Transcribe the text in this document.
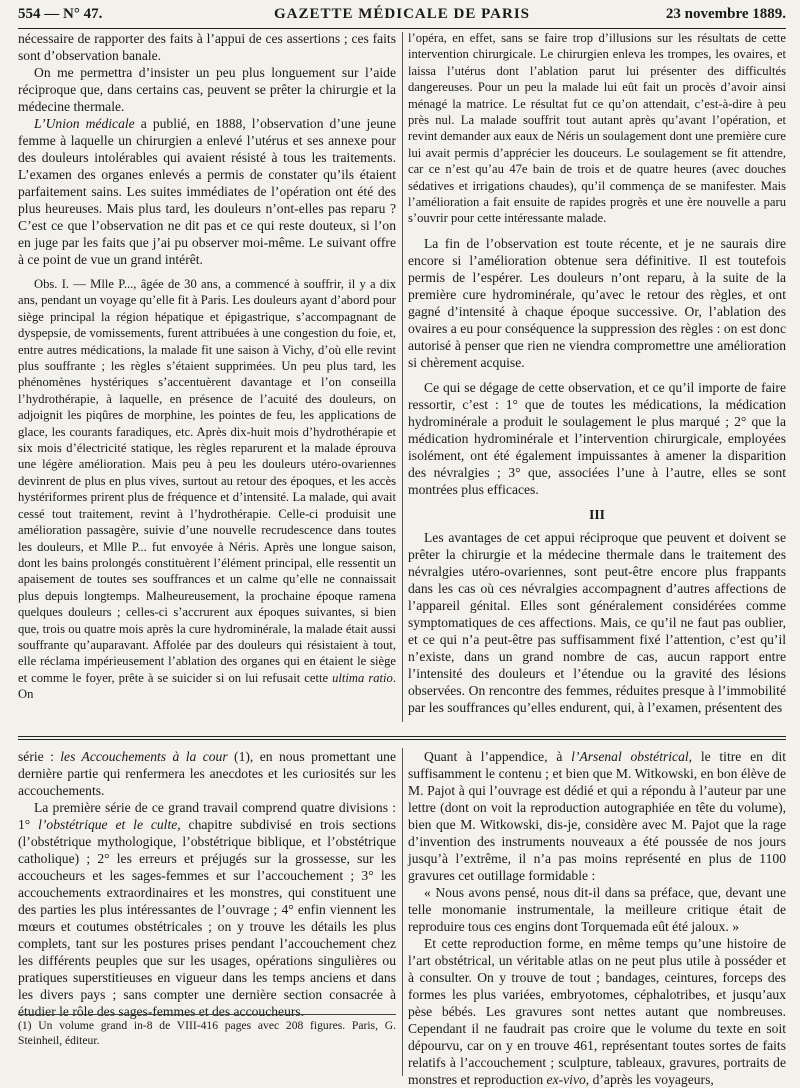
554 — N° 47.	GAZETTE MÉDICALE DE PARIS	23 novembre 1889.

nécessaire de rapporter des faits à l’appui de ces assertions ; ces faits sont d’observation banale.

On me permettra d’insister un peu plus longuement sur l’aide réciproque que, dans certains cas, peuvent se prêter la chirurgie et la médecine thermale.

L’Union médicale a publié, en 1888, l’observation d’une jeune femme à laquelle un chirurgien a enlevé l’utérus et ses annexe pour des douleurs intolérables qui avaient résisté à tous les traitements. L’examen des organes enlevés a permis de constater qu’ils étaient parfaitement sains. Les suites immédiates de l’opération ont été des plus heureuses. Mais plus tard, les douleurs n’ont-elles pas reparu ? C’est ce que l’observation ne dit pas et ce qui reste douteux, si l’on en juge par les faits que j’ai pu observer moi-même. Le suivant offre à ce point de vue un grand intérêt.

Obs. I. — Mlle P..., âgée de 30 ans, a commencé à souffrir, il y a dix ans, pendant un voyage qu’elle fit à Paris. Les douleurs ayant d’abord pour siège principal la région hépatique et épigastrique, s’accompagnant de dyspepsie, de vomissements, furent attribuées à une congestion du foie, et, entre autres médications, la malade fit une saison à Vichy, d’où elle revint plus souffrante ; les règles s’étaient supprimées. Un peu plus tard, les phénomènes hystériques s’accentuèrent davantage et l’on conseilla l’hydrothérapie, à laquelle, en présence de l’acuité des douleurs, on adjoignit les piqûres de morphine, les pointes de feu, les applications de glace, les courants faradiques, etc. Après dix-huit mois d’hydrothérapie et six mois d’électricité statique, les règles reparurent et la malade éprouva une légère amélioration. Mais peu à peu les douleurs utéro-ovariennes devinrent de plus en plus vives, surtout au retour des époques, et les accès hystériformes prirent plus de fréquence et d’intensité. La malade, qui avait cessé tout traitement, revint à l’hydrothérapie. Celle-ci produisit une amélioration passagère, suivie d’une nouvelle recrudescence dans toutes les douleurs, et Mlle P... fut envoyée à Néris. Après une longue saison, dont les bains prolongés constituèrent l’élément principal, elle ressentit un apaisement de toutes ses souffrances et un calme qu’elle ne connaissait plus depuis longtemps. Malheureusement, la prochaine époque ramena quelques douleurs ; celles-ci s’accrurent aux époques suivantes, si bien que, trois ou quatre mois après la cure hydrominérale, la malade était aussi souffrante qu’auparavant. Affolée par des douleurs qui résistaient à tout, elle réclama impérieusement l’ablation des organes qui en étaient le siège et comme le foyer, prête à se suicider si on lui refusait cette ultima ratio. On

l’opéra, en effet, sans se faire trop d’illusions sur les résultats de cette intervention chirurgicale. Le chirurgien enleva les trompes, les ovaires, et laissa l’utérus dont l’ablation parut lui présenter des difficultés dangereuses. Pour un peu la malade lui eût fait un procès d’avoir ainsi ménagé la matrice. Le résultat fut ce qu’on attendait, c’est-à-dire à peu près nul. La malade souffrit tout autant après qu’avant l’opération, et revint demander aux eaux de Néris un soulagement dont une première cure lui avait permis d’apprécier les douceurs. Le soulagement se fit attendre, car ce n’est qu’au 47e bain de trois et de quatre heures (avec douches sédatives et irrigations chaudes), qu’il commença de se manifester. Mais l’amélioration a fait ensuite de rapides progrès et une ère nouvelle a paru s’ouvrir pour cette intéressante malade.

La fin de l’observation est toute récente, et je ne saurais dire encore si l’amélioration obtenue sera définitive. Il est toutefois permis de l’espérer. Les douleurs n’ont reparu, à la suite de la première cure hydrominérale, qu’avec le retour des règles, et ont gagné d’intensité à chaque époque successive. Or, l’ablation des ovaires a eu pour conséquence la suppression des règles : on est donc autorisé à penser que rien ne viendra compromettre une amélioration si chèrement acquise.

Ce qui se dégage de cette observation, et ce qu’il importe de faire ressortir, c’est : 1° que de toutes les médications, la médication hydrominérale a produit le soulagement le plus marqué ; 2° que la médication hydrominérale et l’intervention chirurgicale, employées isolément, ont été également impuissantes à amener la disparition des névralgies ; 3° que, associées l’une à l’autre, elles se sont montrées plus efficaces.

III

Les avantages de cet appui réciproque que peuvent et doivent se prêter la chirurgie et la médecine thermale dans le traitement des névralgies utéro-ovariennes, sont peut-être encore plus frappants dans les cas où ces névralgies accompagnent d’autres affections de l’appareil génital. Elles sont généralement considérées comme symptomatiques de ces affections. Mais, ce qu’il ne faut pas oublier, et ce qui n’a peut-être pas suffisamment fixé l’attention, c’est qu’il n’existe, dans un grand nombre de cas, aucun rapport entre l’intensité des douleurs et l’étendue ou la gravité des lésions observées. On rencontre des femmes, réduites presque à l’immobilité par les souffrances qu’elles endurent, qui, à l’examen, présentent des

série : les Accouchements à la cour (1), en nous promettant une dernière partie qui renfermera les anecdotes et les curiosités sur les accouchements.

La première série de ce grand travail comprend quatre divisions : 1° l’obstétrique et le culte, chapitre subdivisé en trois sections (l’obstétrique mythologique, l’obstétrique biblique, et l’obstétrique catholique) ; 2° les erreurs et préjugés sur la grossesse, sur les accoucheurs et les sages-femmes et sur l’accouchement ; 3° les accouchements extraordinaires et les monstres, qui constituent une des parties les plus intéressantes de l’ouvrage ; 4° enfin viennent les mœurs et coutumes obstétricales ; on y trouve les détails les plus complets, tant sur les postures prises pendant l’accouchement chez les différents peuples que sur les usages, opérations singulières ou pratiques superstitieuses en vigueur dans les temps anciens et dans les divers pays ; sans compter une dernière section consacrée à étudier le rôle des sages-femmes et des accoucheurs.

(1) Un volume grand in-8 de VIII-416 pages avec 208 figures. Paris, G. Steinheil, éditeur.

Quant à l’appendice, à l’Arsenal obstétrical, le titre en dit suffisamment le contenu ; et bien que M. Witkowski, en bon élève de M. Pajot à qui l’ouvrage est dédié et qui a répondu à l’auteur par une lettre (dont on voit la reproduction autographiée en tête du volume), bien que M. Witkowski, dis-je, considère avec M. Pajot que la rage d’invention des instruments nouveaux a été poussée de nos jours jusqu’à l’extrême, il n’a pas moins représenté en plus de 1100 gravures cet outillage formidable :

« Nous avons pensé, nous dit-il dans sa préface, que, devant une telle monomanie instrumentale, la meilleure critique était de reproduire tous ces engins dont Torquemada eût été jaloux. »

Et cette reproduction forme, en même temps qu’une histoire de l’art obstétrical, un véritable atlas on ne peut plus utile à posséder et à consulter. On y trouve de tout ; bandages, ceintures, forceps des formes les plus variées, embryotomes, céphalotribes, et jusqu’aux pèse bébés. Les gravures sont nettes autant que nombreuses. Cependant il ne faudrait pas croire que le volume du texte en soit dépourvu, car on y en trouve 461, représentant toutes sortes de faits relatifs à l’accouchement ; sculpture, tableaux, gravures, portraits de monstres et reproduction ex-vivo, d’après les voyageurs,
